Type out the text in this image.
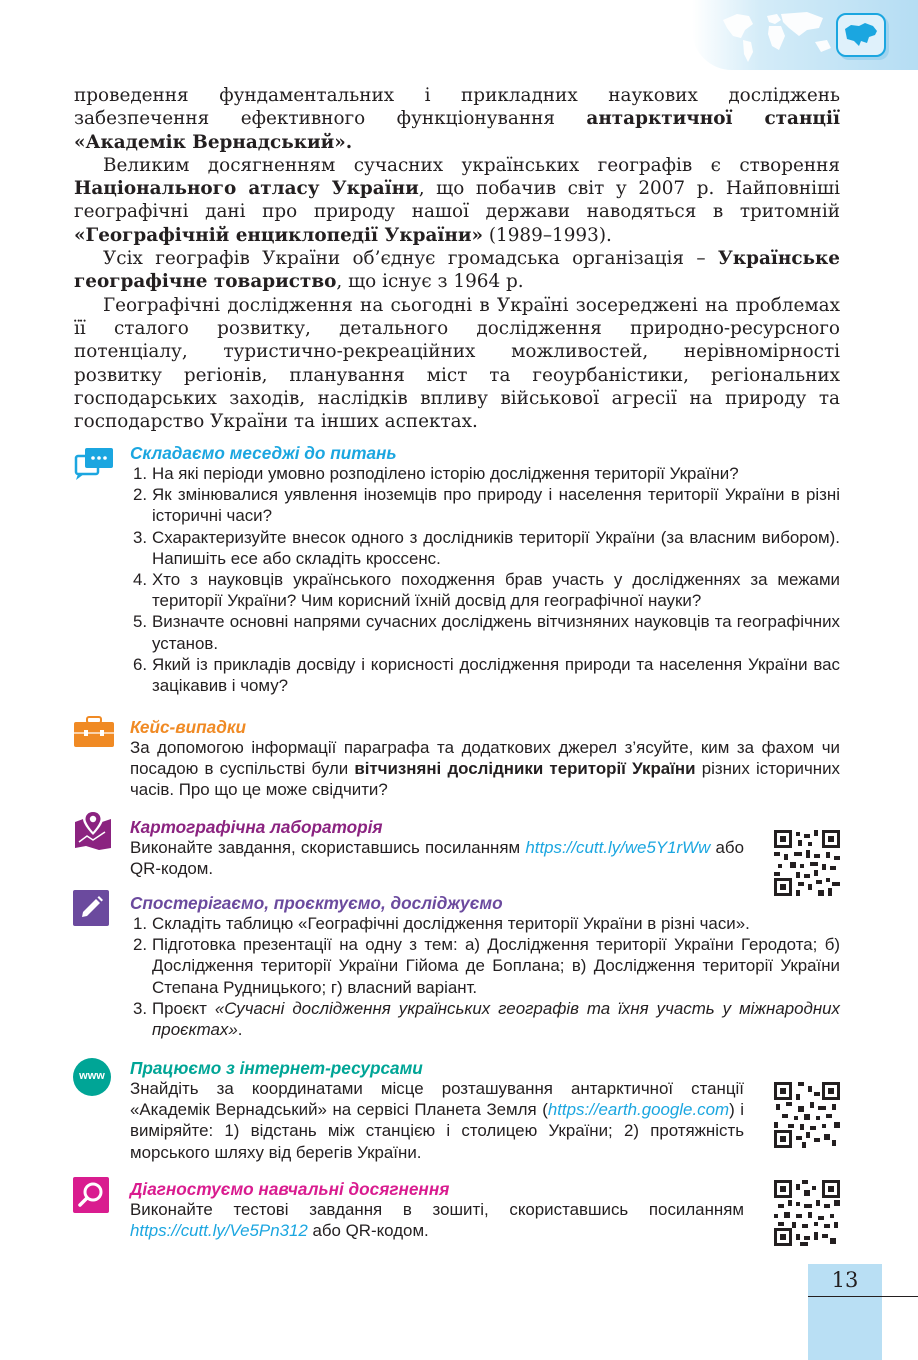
проведення фундаментальних і прикладних наукових досліджень забезпечення ефективного функціонування антарктичної станції «Академік Вернадський».

Великим досягненням сучасних українських географів є створення Національного атласу України, що побачив світ у 2007 р. Найповніші географічні дані про природу нашої держави наводяться в тритомній «Географічній енциклопедії України» (1989–1993).

Усіх географів України об’єднує громадська організація – Українське географічне товариство, що існує з 1964 р.

Географічні дослідження на сьогодні в Україні зосереджені на проблемах її сталого розвитку, детального дослідження природно-ресурсного потенціалу, туристично-рекреаційних можливостей, нерівномірності розвитку регіонів, планування міст та геоурбаністики, регіональних господарських заходів, наслідків впливу військової агресії на природу та господарство України та інших аспектах.

Складаємо меседжі до питань

1. На які періоди умовно розподілено історію дослідження території України?
2. Як змінювалися уявлення іноземців про природу і населення території України в різні історичні часи?
3. Схарактеризуйте внесок одного з дослідників території України (за власним вибором). Напишіть есе або складіть кроссенс.
4. Хто з науковців українського походження брав участь у дослідженнях за межами території України? Чим корисний їхній досвід для географічної науки?
5. Визначте основні напрями сучасних досліджень вітчизняних науковців та географічних установ.
6. Який із прикладів досвіду і корисності дослідження природи та населення України вас зацікавив і чому?

Кейс-випадки

За допомогою інформації параграфа та додаткових джерел з’ясуйте, ким за фахом чи посадою в суспільстві були вітчизняні дослідники території України різних історичних часів. Про що це може свідчити?

Картографічна лабораторія

Виконайте завдання, скориставшись посиланням https://cutt.ly/we5Y1rWw або QR-кодом.

Спостерігаємо, проєктуємо, досліджуємо

1. Складіть таблицю «Географічні дослідження території України в різні часи».
2. Підготовка презентації на одну з тем: а) Дослідження території України Геродота; б) Дослідження території України Гійома де Боплана; в) Дослідження території України Степана Рудницького; г) власний варіант.
3. Проєкт «Сучасні дослідження українських географів та їхня участь у міжнародних проєктах».
www	Працюємо з інтернет-ресурсами

Знайдіть за координатами місце розташування антарктичної станції «Академік Вернадський» на сервісі Планета Земля (https://earth.google.com) і виміряйте: 1) відстань між станцією і столицею України; 2) протяжність морського шляху від берегів України.

Діагностуємо навчальні досягнення

Виконайте тестові завдання в зошиті, скориставшись посиланням https://cutt.ly/Ve5Pn312 або QR-кодом.

13
